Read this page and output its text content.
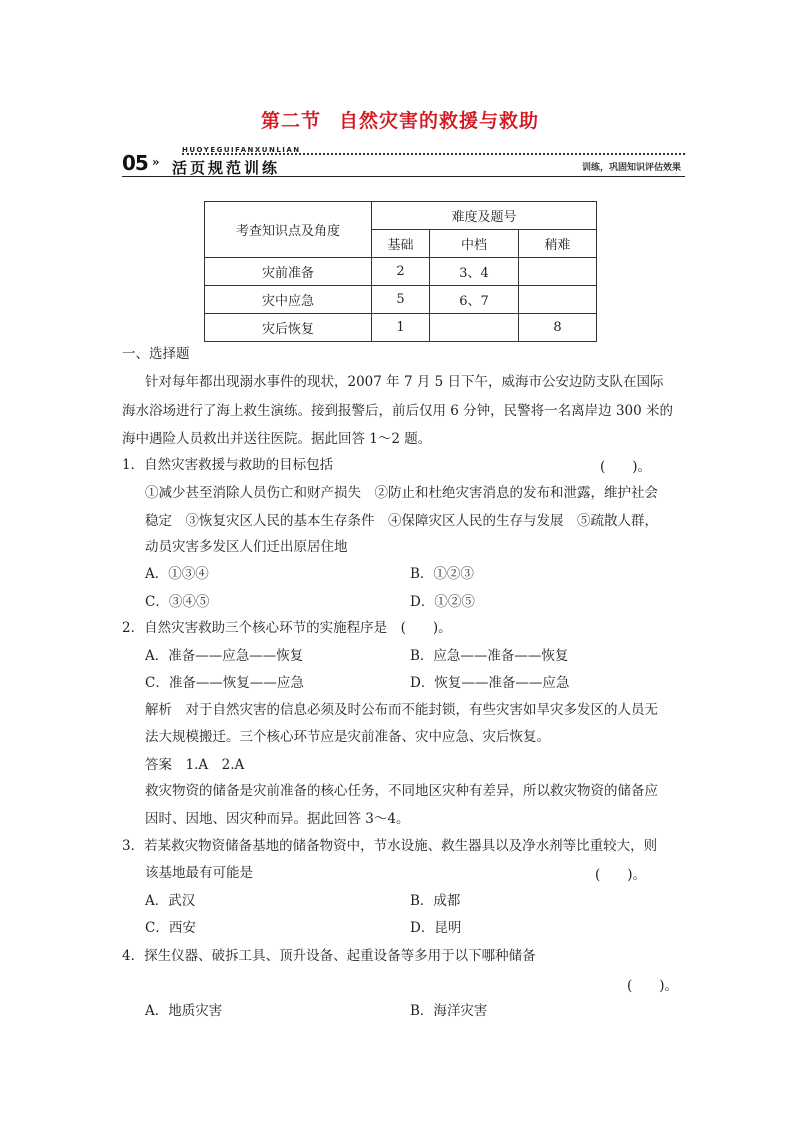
第二节 自然灾害的救援与救助
HUOYEGUIFANXUNLIAN
05 » 活页规范训练	训练，巩固知识评估效果
考查知识点及角度	难度及题号		
	基础	中档	稍难
灾前准备	2	3、4	
灾中应急	5	6、7	
灾后恢复	1		8
一、选择题
针对每年都出现溺水事件的现状，2007 年 7 月 5 日下午，威海市公安边防支队在国际
海水浴场进行了海上救生演练。接到报警后，前后仅用 6 分钟，民警将一名离岸边 300 米的
海中遇险人员救出并送往医院。据此回答 1～2 题。
1．自然灾害救援与救助的目标包括	(　　)。
①减少甚至消除人员伤亡和财产损失　②防止和杜绝灾害消息的发布和泄露，维护社会
稳定　③恢复灾区人民的基本生存条件　④保障灾区人民的生存与发展　⑤疏散人群，
动员灾害多发区人们迁出原居住地
A．①③④	B．①②③
C．③④⑤	D．①②⑤
2．自然灾害救助三个核心环节的实施程序是　(　　)。
A．准备——应急——恢复	B．应急——准备——恢复
C．准备——恢复——应急	D．恢复——准备——应急
解析　对于自然灾害的信息必须及时公布而不能封锁，有些灾害如旱灾多发区的人员无
法大规模搬迁。三个核心环节应是灾前准备、灾中应急、灾后恢复。
答案　1.A　2.A
救灾物资的储备是灾前准备的核心任务，不同地区灾种有差异，所以救灾物资的储备应
因时、因地、因灾种而异。据此回答 3～4。
3．若某救灾物资储备基地的储备物资中，节水设施、救生器具以及净水剂等比重较大，则
该基地最有可能是	(　　)。
A．武汉	B．成都
C．西安	D．昆明
4．探生仪器、破拆工具、顶升设备、起重设备等多用于以下哪种储备
(　　)。
A．地质灾害	B．海洋灾害
